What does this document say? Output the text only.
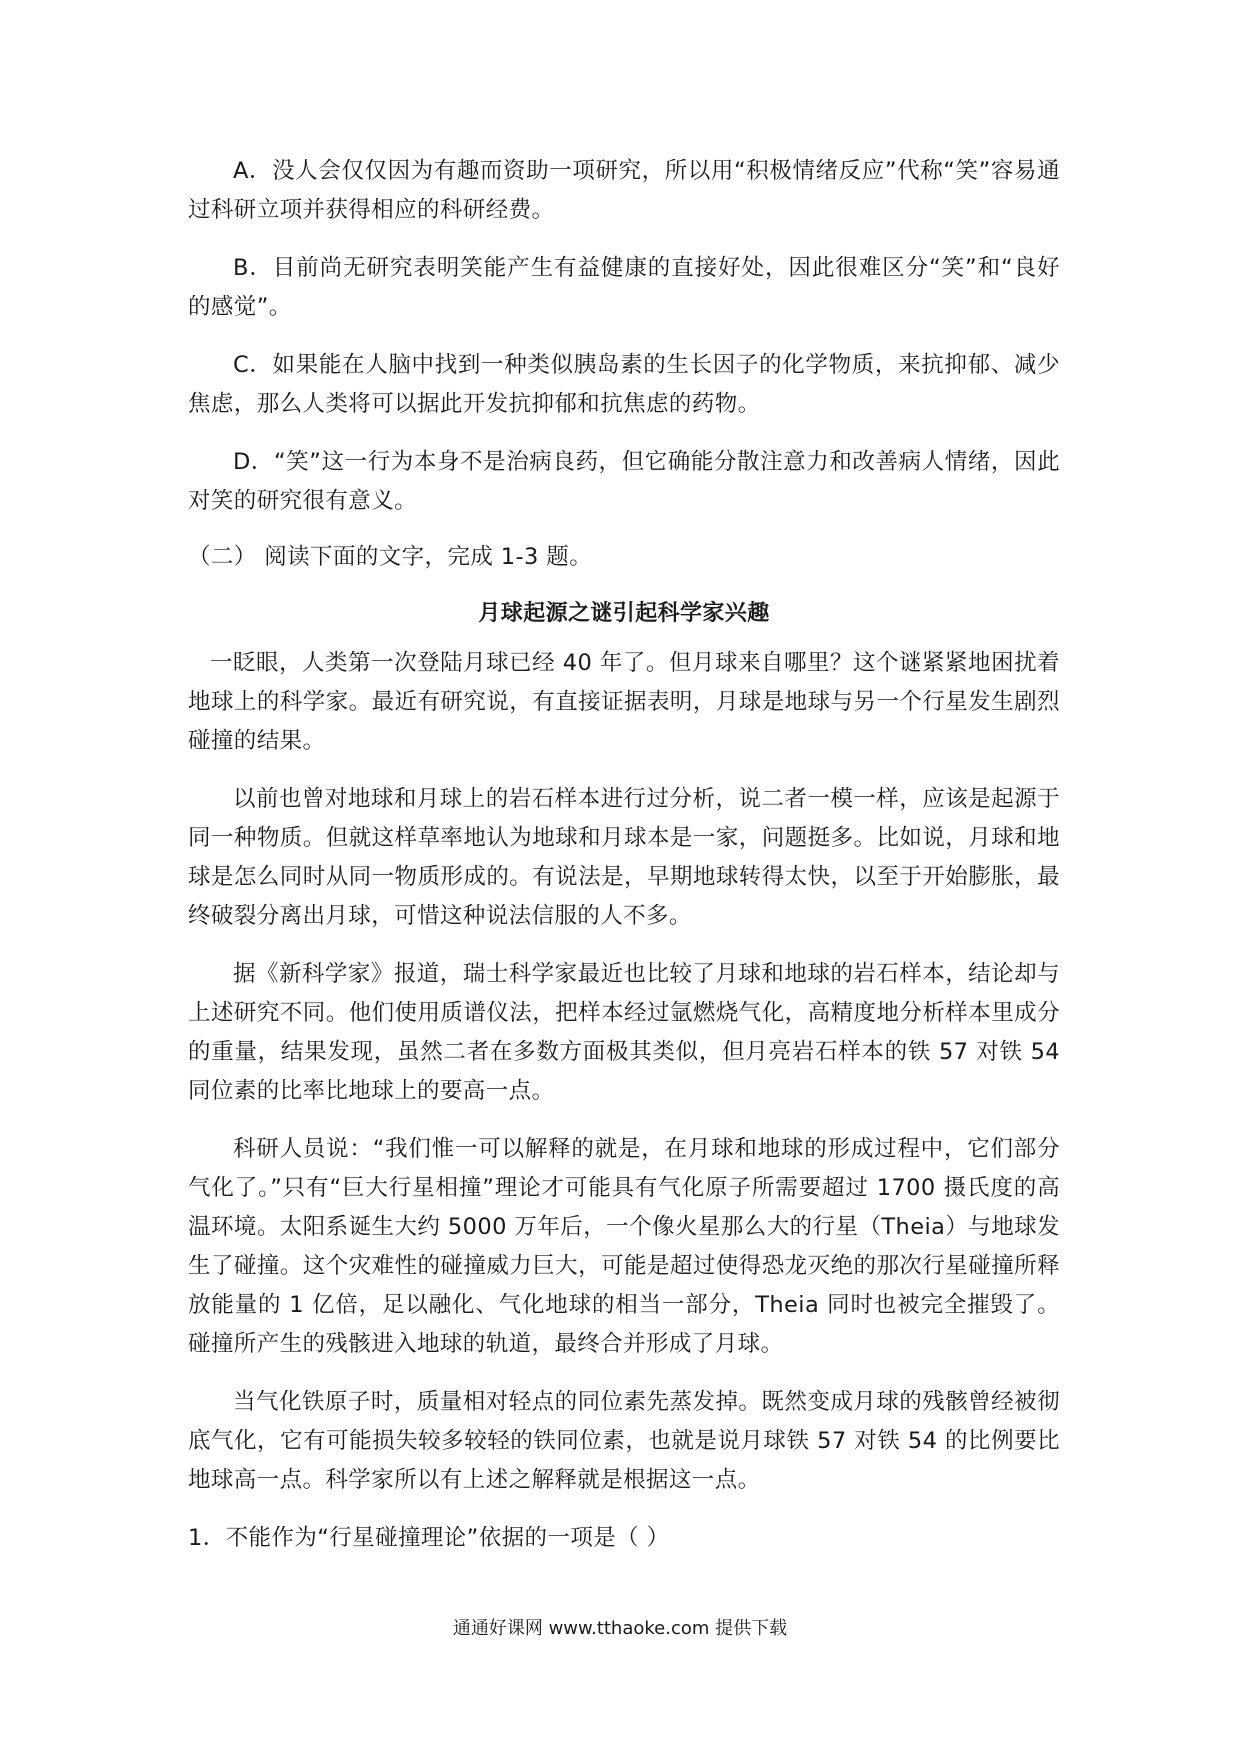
A．没人会仅仅因为有趣而资助一项研究，所以用“积极情绪反应”代称“笑”容易通过科研立项并获得相应的科研经费。

B．目前尚无研究表明笑能产生有益健康的直接好处，因此很难区分“笑”和“良好的感觉”。

C．如果能在人脑中找到一种类似胰岛素的生长因子的化学物质，来抗抑郁、减少焦虑，那么人类将可以据此开发抗抑郁和抗焦虑的药物。

D．“笑”这一行为本身不是治病良药，但它确能分散注意力和改善病人情绪，因此对笑的研究很有意义。

（二） 阅读下面的文字，完成 1-3 题。

月球起源之谜引起科学家兴趣

一眨眼，人类第一次登陆月球已经 40 年了。但月球来自哪里？这个谜紧紧地困扰着地球上的科学家。最近有研究说，有直接证据表明，月球是地球与另一个行星发生剧烈碰撞的结果。

以前也曾对地球和月球上的岩石样本进行过分析，说二者一模一样，应该是起源于同一种物质。但就这样草率地认为地球和月球本是一家，问题挺多。比如说，月球和地球是怎么同时从同一物质形成的。有说法是，早期地球转得太快，以至于开始膨胀，最终破裂分离出月球，可惜这种说法信服的人不多。

据《新科学家》报道，瑞士科学家最近也比较了月球和地球的岩石样本，结论却与上述研究不同。他们使用质谱仪法，把样本经过氩燃烧气化，高精度地分析样本里成分的重量，结果发现，虽然二者在多数方面极其类似，但月亮岩石样本的铁 57 对铁 54 同位素的比率比地球上的要高一点。

科研人员说：“我们惟一可以解释的就是，在月球和地球的形成过程中，它们部分气化了。”只有“巨大行星相撞”理论才可能具有气化原子所需要超过 1700 摄氏度的高温环境。太阳系诞生大约 5000 万年后，一个像火星那么大的行星（Theia）与地球发生了碰撞。这个灾难性的碰撞威力巨大，可能是超过使得恐龙灭绝的那次行星碰撞所释放能量的 1 亿倍，足以融化、气化地球的相当一部分，Theia 同时也被完全摧毁了。碰撞所产生的残骸进入地球的轨道，最终合并形成了月球。

当气化铁原子时，质量相对轻点的同位素先蒸发掉。既然变成月球的残骸曾经被彻底气化，它有可能损失较多较轻的铁同位素，也就是说月球铁 57 对铁 54 的比例要比地球高一点。科学家所以有上述之解释就是根据这一点。

1．不能作为“行星碰撞理论”依据的一项是（ ）

通通好课网 www.tthaoke.com 提供下载
